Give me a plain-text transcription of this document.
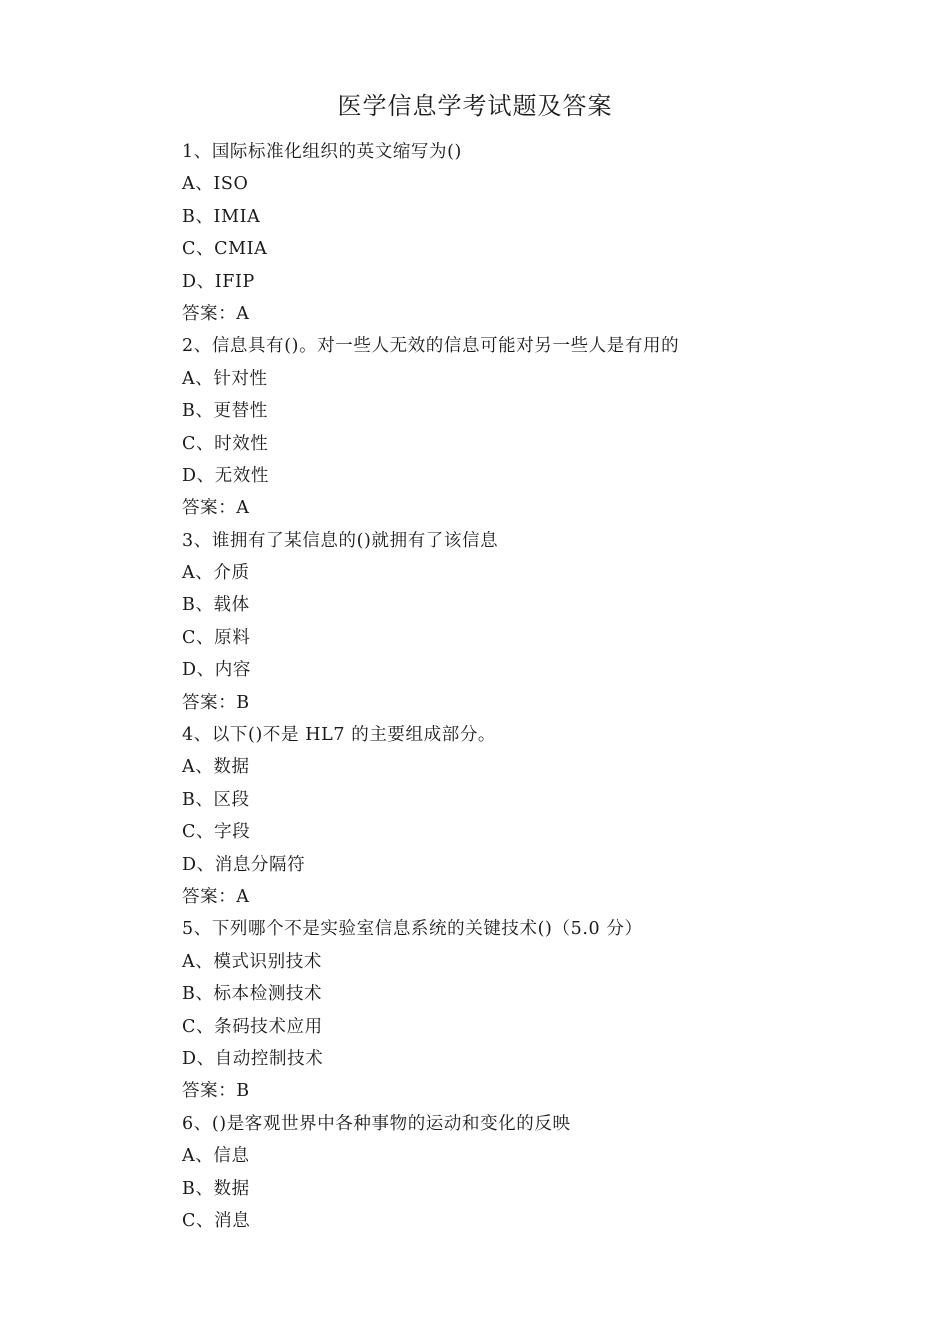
医学信息学考试题及答案
1、国际标准化组织的英文缩写为()
A、ISO
B、IMIA
C、CMIA
D、IFIP
答案：A
2、信息具有()。对一些人无效的信息可能对另一些人是有用的
A、针对性
B、更替性
C、时效性
D、无效性
答案：A
3、谁拥有了某信息的()就拥有了该信息
A、介质
B、载体
C、原料
D、内容
答案：B
4、以下()不是 HL7 的主要组成部分。
A、数据
B、区段
C、字段
D、消息分隔符
答案：A
5、下列哪个不是实验室信息系统的关键技术()（5.0 分）
A、模式识别技术
B、标本检测技术
C、条码技术应用
D、自动控制技术
答案：B
6、()是客观世界中各种事物的运动和变化的反映
A、信息
B、数据
C、消息
